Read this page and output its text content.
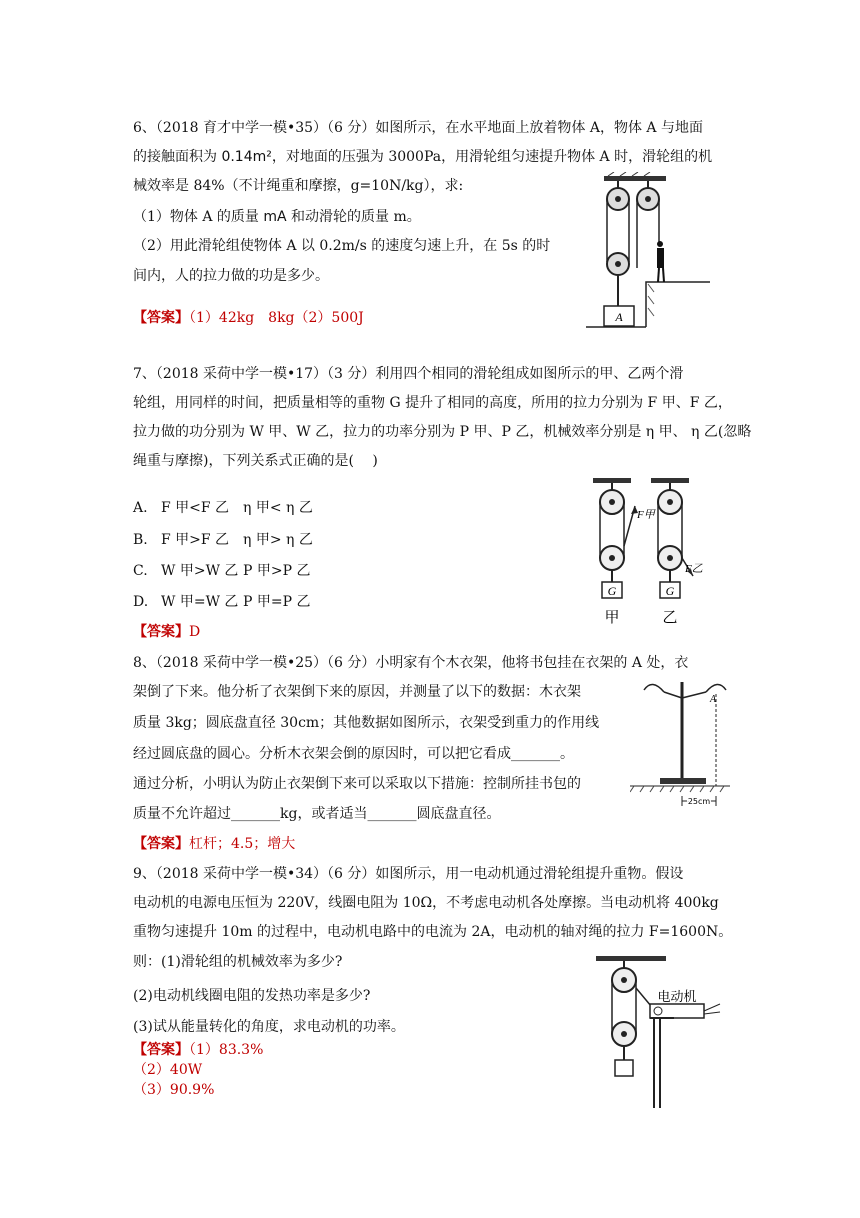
6、（2018 育才中学一模•35）（6 分）如图所示，在水平地面上放着物体 A，物体 A 与地面
的接触面积为 0.14m²，对地面的压强为 3000Pa，用滑轮组匀速提升物体 A 时，滑轮组的机
械效率是 84%（不计绳重和摩擦，g=10N/kg），求:
（1）物体 A 的质量 mA 和动滑轮的质量 m。
（2）用此滑轮组使物体 A 以 0.2m/s 的速度匀速上升，在 5s 的时
间内，人的拉力做的功是多少。
【答案】（1）42kg　8kg（2）500J	A
7、（2018 采荷中学一模•17）（3 分）利用四个相同的滑轮组成如图所示的甲、乙两个滑
轮组，用同样的时间，把质量相等的重物 G 提升了相同的高度，所用的拉力分别为 F 甲、F 乙，
拉力做的功分别为 W 甲、W 乙，拉力的功率分别为 P 甲、P 乙，机械效率分别是 η 甲、 η 乙(忽略
绳重与摩擦)，下列关系式正确的是(　 )
A. F 甲<F 乙 η 甲< η 乙
B. F 甲>F 乙 η 甲> η 乙
C. W 甲>W 乙 P 甲>P 乙
D. W 甲=W 乙 P 甲=P 乙
【答案】D
F甲
G
甲
F乙
G
乙
8、（2018 采荷中学一模•25）（6 分）小明家有个木衣架，他将书包挂在衣架的 A 处，衣
架倒了下来。他分析了衣架倒下来的原因，并测量了以下的数据：木衣架
质量 3kg；圆底盘直径 30cm；其他数据如图所示，衣架受到重力的作用线
经过圆底盘的圆心。分析木衣架会倒的原因时，可以把它看成_______。
通过分析，小明认为防止衣架倒下来可以采取以下措施：控制所挂书包的
质量不允许超过_______kg，或者适当_______圆底盘直径。
【答案】杠杆；4.5；增大
A
25cm
9、（2018 采荷中学一模•34）（6 分）如图所示，用一电动机通过滑轮组提升重物。假设
电动机的电源电压恒为 220V，线圈电阻为 10Ω，不考虑电动机各处摩擦。当电动机将 400kg
重物匀速提升 10m 的过程中，电动机电路中的电流为 2A，电动机的轴对绳的拉力 F=1600N。
则：(1)滑轮组的机械效率为多少?
(2)电动机线圈电阻的发热功率是多少?
(3)试从能量转化的角度，求电动机的功率。
【答案】（1）83.3%
（2）40W
（3）90.9%
电动机
